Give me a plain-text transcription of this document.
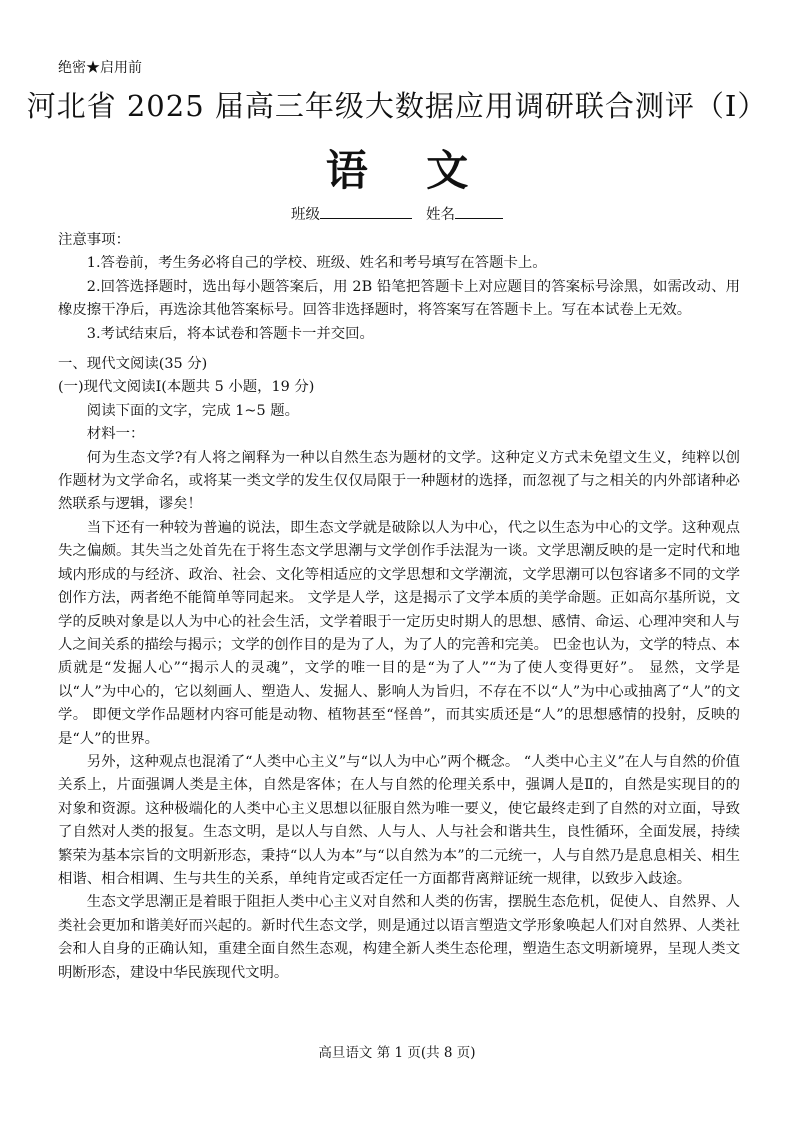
绝密★启用前
河北省 2025 届高三年级大数据应用调研联合测评（Ⅰ）
语 文
班级	姓名

注意事项：

1.答卷前，考生务必将自己的学校、班级、姓名和考号填写在答题卡上。

2.回答选择题时，选出每小题答案后，用 2B 铅笔把答题卡上对应题目的答案标号涂黑，如需改动、用橡皮擦干净后，再选涂其他答案标号。回答非选择题时，将答案写在答题卡上。写在本试卷上无效。

3.考试结束后，将本试卷和答题卡一并交回。

一、现代文阅读(35 分)

(一)现代文阅读Ⅰ(本题共 5 小题，19 分)

阅读下面的文字，完成 1~5 题。

材料一：

何为生态文学?有人将之阐释为一种以自然生态为题材的文学。这种定义方式未免望文生义，纯粹以创作题材为文学命名，或将某一类文学的发生仅仅局限于一种题材的选择，而忽视了与之相关的内外部诸种必然联系与逻辑，谬矣！

当下还有一种较为普遍的说法，即生态文学就是破除以人为中心，代之以生态为中心的文学。这种观点失之偏颇。其失当之处首先在于将生态文学思潮与文学创作手法混为一谈。文学思潮反映的是一定时代和地域内形成的与经济、政治、社会、文化等相适应的文学思想和文学潮流，文学思潮可以包容诸多不同的文学创作方法，两者绝不能简单等同起来。 文学是人学，这是揭示了文学本质的美学命题。正如高尔基所说，文学的反映对象是以人为中心的社会生活，文学着眼于一定历史时期人的思想、感情、命运、心理冲突和人与人之间关系的描绘与揭示；文学的创作目的是为了人，为了人的完善和完美。 巴金也认为，文学的特点、本质就是“发掘人心”“揭示人的灵魂”，文学的唯一目的是“为了人”“为了使人变得更好”。 显然，文学是以“人”为中心的，它以刻画人、塑造人、发掘人、影响人为旨归，不存在不以“人”为中心或抽离了“人”的文学。 即便文学作品题材内容可能是动物、植物甚至“怪兽”，而其实质还是“人”的思想感情的投射，反映的是“人”的世界。

另外，这种观点也混淆了“人类中心主义”与“以人为中心”两个概念。 “人类中心主义”在人与自然的价值关系上，片面强调人类是主体，自然是客体；在人与自然的伦理关系中，强调人是Ⅱ的，自然是实现目的的对象和资源。这种极端化的人类中心主义思想以征服自然为唯一要义，使它最终走到了自然的对立面，导致了自然对人类的报复。生态文明，是以人与自然、人与人、人与社会和谐共生，良性循环，全面发展，持续繁荣为基本宗旨的文明新形态，秉持“以人为本”与“以自然为本”的二元统一，人与自然乃是息息相关、相生相谐、相合相调、生与共生的关系，单纯肯定或否定任一方面都背离辩证统一规律，以致步入歧途。

生态文学思潮正是着眼于阻拒人类中心主义对自然和人类的伤害，摆脱生态危机，促使人、自然界、人类社会更加和谐美好而兴起的。新时代生态文学，则是通过以语言塑造文学形象唤起人们对自然界、人类社会和人自身的正确认知，重建全面自然生态观，构建全新人类生态伦理，塑造生态文明新境界，呈现人类文明断形态，建设中华民族现代文明。

高旦语文 第 1 页(共 8 页)
